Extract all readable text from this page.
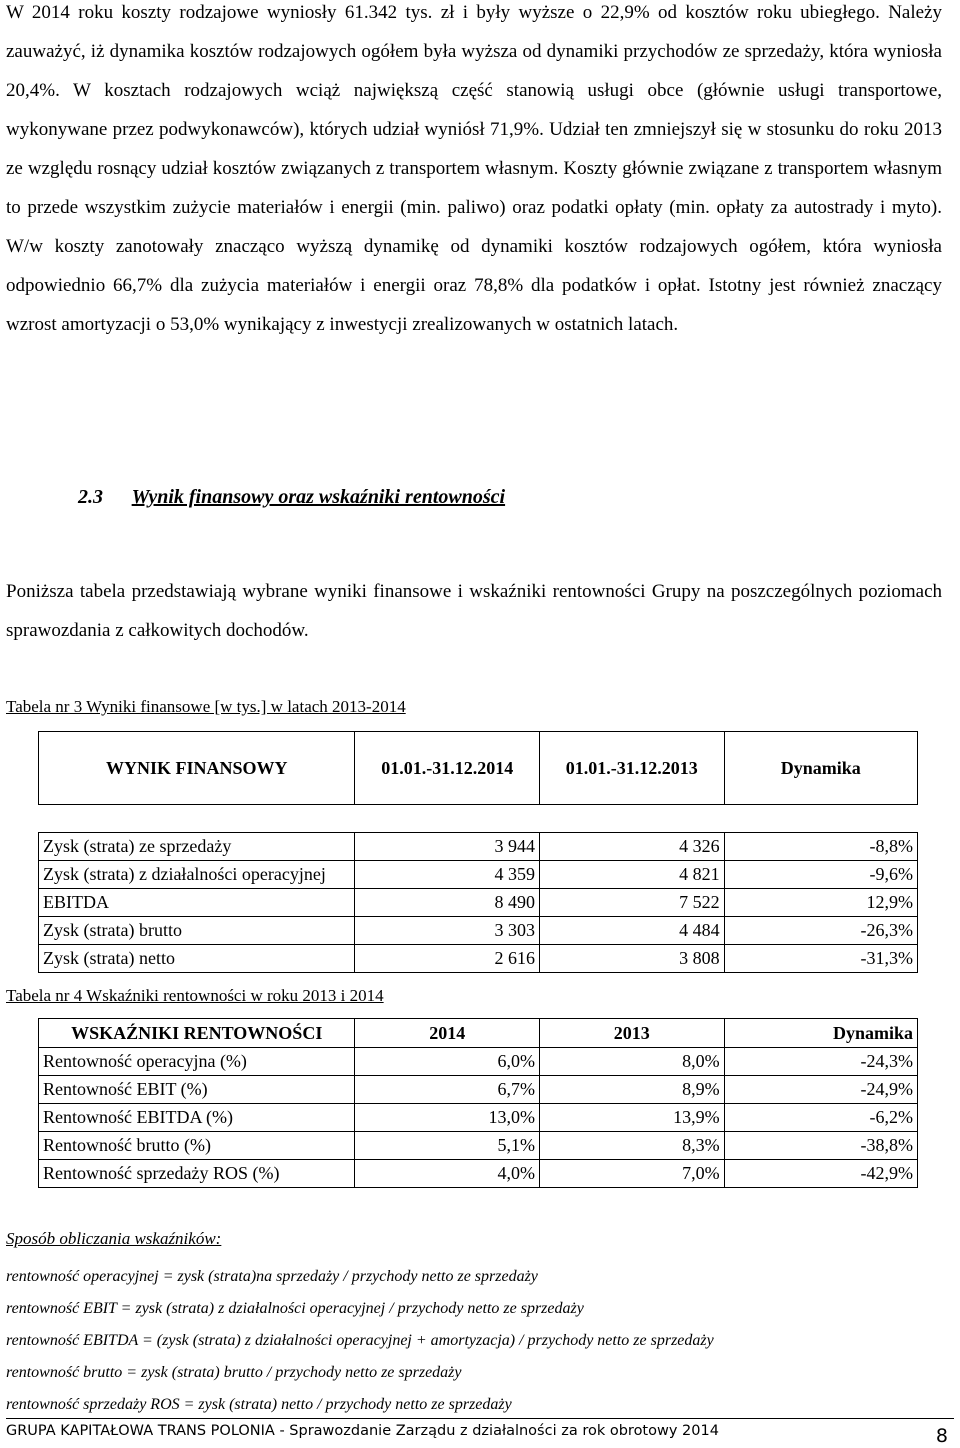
W 2014 roku koszty rodzajowe wyniosły 61.342 tys. zł i były wyższe o 22,9% od kosztów roku ubiegłego. Należy zauważyć, iż dynamika kosztów rodzajowych ogółem była wyższa od dynamiki przychodów ze sprzedaży, która wyniosła 20,4%. W kosztach rodzajowych wciąż największą część stanowią usługi obce (głównie usługi transportowe, wykonywane przez podwykonawców), których udział wyniósł 71,9%. Udział ten zmniejszył się w stosunku do roku 2013 ze względu rosnący udział kosztów związanych z transportem własnym. Koszty głównie związane z transportem własnym to przede wszystkim zużycie materiałów i energii (min. paliwo) oraz podatki opłaty (min. opłaty za autostrady i myto). W/w koszty zanotowały znacząco wyższą dynamikę od dynamiki kosztów rodzajowych ogółem, która wyniosła odpowiednio 66,7% dla zużycia materiałów i energii oraz 78,8% dla podatków i opłat. Istotny jest również znaczący wzrost amortyzacji o 53,0% wynikający z inwestycji zrealizowanych w ostatnich latach.

2.3 Wynik finansowy oraz wskaźniki rentowności

Poniższa tabela przedstawiają wybrane wyniki finansowe i wskaźniki rentowności Grupy na poszczególnych poziomach sprawozdania z całkowitych dochodów.

Tabela nr 3 Wyniki finansowe [w tys.] w latach 2013-2014
WYNIK FINANSOWY	01.01.-31.12.2014	01.01.-31.12.2013	Dynamika

Zysk (strata) ze sprzedaży	3 944	4 326	-8,8%
Zysk (strata) z działalności operacyjnej	4 359	4 821	-9,6%
EBITDA	8 490	7 522	12,9%
Zysk (strata) brutto	3 303	4 484	-26,3%
Zysk (strata) netto	2 616	3 808	-31,3%
Tabela nr 4 Wskaźniki rentowności w roku 2013 i 2014
WSKAŹNIKI RENTOWNOŚCI	2014	2013	Dynamika
Rentowność operacyjna (%)	6,0%	8,0%	-24,3%
Rentowność EBIT (%)	6,7%	8,9%	-24,9%
Rentowność EBITDA (%)	13,0%	13,9%	-6,2%
Rentowność brutto (%)	5,1%	8,3%	-38,8%
Rentowność sprzedaży ROS (%)	4,0%	7,0%	-42,9%

Sposób obliczania wskaźników:

rentowność operacyjnej = zysk (strata)na sprzedaży / przychody netto ze sprzedaży

rentowność EBIT = zysk (strata) z działalności operacyjnej / przychody netto ze sprzedaży

rentowność EBITDA = (zysk (strata) z działalności operacyjnej + amortyzacja) / przychody netto ze sprzedaży

rentowność brutto = zysk (strata) brutto / przychody netto ze sprzedaży

rentowność sprzedaży ROS = zysk (strata) netto / przychody netto ze sprzedaży

GRUPA KAPITAŁOWA TRANS POLONIA - Sprawozdanie Zarządu z działalności za rok obrotowy 2014	8
